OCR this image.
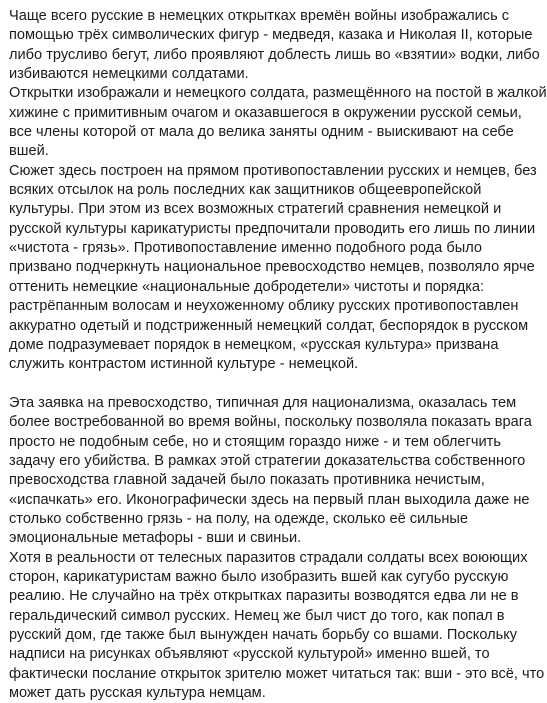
Чаще всего русские в немецких открытках времён войны изображались с
помощью трёх символических фигур - медведя, казака и Николая II, которые
либо трусливо бегут, либо проявляют доблесть лишь во «взятии» водки, либо
избиваются немецкими солдатами.
Открытки изображали и немецкого солдата, размещённого на постой в жалкой
хижине с примитивным очагом и оказавшегося в окружении русской семьи,
все члены которой от мала до велика заняты одним - выискивают на себе
вшей.
Сюжет здесь построен на прямом противопоставлении русских и немцев, без
всяких отсылок на роль последних как защитников общеевропейской
культуры. При этом из всех возможных стратегий сравнения немецкой и
русской культуры карикатуристы предпочитали проводить его лишь по линии
«чистота - грязь». Противопоставление именно подобного рода было
призвано подчеркнуть национальное превосходство немцев, позволяло ярче
оттенить немецкие «национальные добродетели» чистоты и порядка:
растрёпанным волосам и неухоженному облику русских противопоставлен
аккуратно одетый и подстриженный немецкий солдат, беспорядок в русском
доме подразумевает порядок в немецком, «русская культура» призвана
служить контрастом истинной культуре - немецкой.
Эта заявка на превосходство, типичная для национализма, оказалась тем
более востребованной во время войны, поскольку позволяла показать врага
просто не подобным себе, но и стоящим гораздо ниже - и тем облегчить
задачу его убийства. В рамках этой стратегии доказательства собственного
превосходства главной задачей было показать противника нечистым,
«испачкать» его. Иконографически здесь на первый план выходила даже не
столько собственно грязь - на полу, на одежде, сколько её сильные
эмоциональные метафоры - вши и свиньи.
Хотя в реальности от телесных паразитов страдали солдаты всех воюющих
сторон, карикатуристам важно было изобразить вшей как сугубо русскую
реалию. Не случайно на трёх открытках паразиты возводятся едва ли не в
геральдический символ русских. Немец же был чист до того, как попал в
русский дом, где также был вынужден начать борьбу со вшами. Поскольку
надписи на рисунках объявляют «русской культурой» именно вшей, то
фактически послание открыток зрителю может читаться так: вши - это всё, что
может дать русская культура немцам.
